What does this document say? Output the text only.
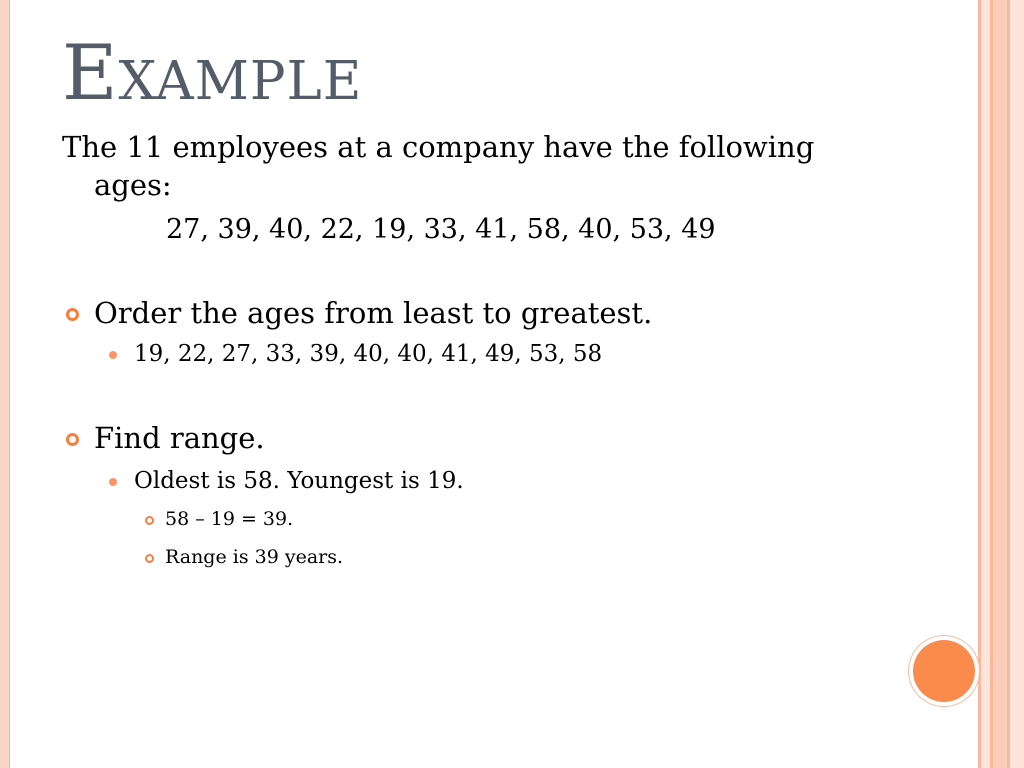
Example

The 11 employees at a company have the following ages:

27, 39, 40, 22, 19, 33, 41, 58, 40, 53, 49
Order the ages from least to greatest.
19, 22, 27, 33, 39, 40, 40, 41, 49, 53, 58
Find range.
Oldest is 58. Youngest is 19.
58 – 19 = 39.
Range is 39 years.
